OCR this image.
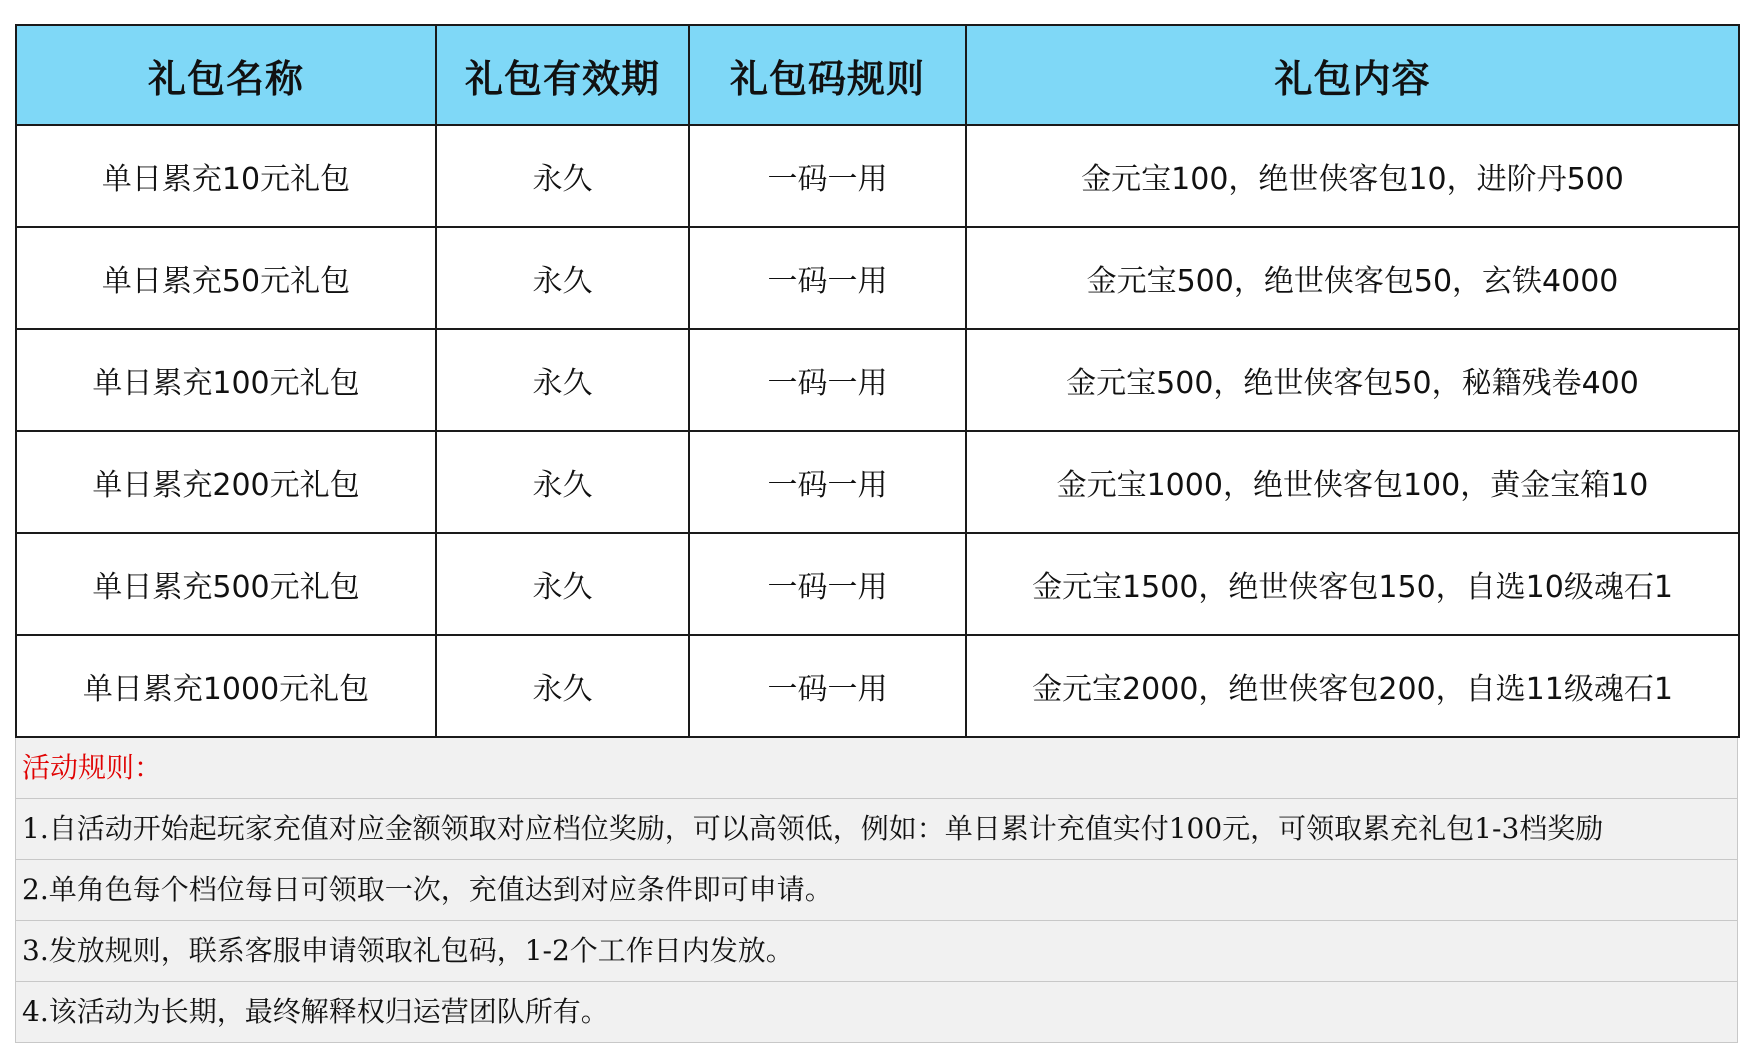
礼包名称	礼包有效期	礼包码规则	礼包内容
单日累充10元礼包	永久	一码一用	金元宝100，绝世侠客包10，进阶丹500
单日累充50元礼包	永久	一码一用	金元宝500，绝世侠客包50，玄铁4000
单日累充100元礼包	永久	一码一用	金元宝500，绝世侠客包50，秘籍残卷400
单日累充200元礼包	永久	一码一用	金元宝1000，绝世侠客包100，黄金宝箱10
单日累充500元礼包	永久	一码一用	金元宝1500，绝世侠客包150，自选10级魂石1
单日累充1000元礼包	永久	一码一用	金元宝2000，绝世侠客包200，自选11级魂石1
活动规则：
1.自活动开始起玩家充值对应金额领取对应档位奖励，可以高领低，例如：单日累计充值实付100元，可领取累充礼包1-3档奖励
2.单角色每个档位每日可领取一次，充值达到对应条件即可申请。
3.发放规则，联系客服申请领取礼包码，1-2个工作日内发放。
4.该活动为长期，最终解释权归运营团队所有。
